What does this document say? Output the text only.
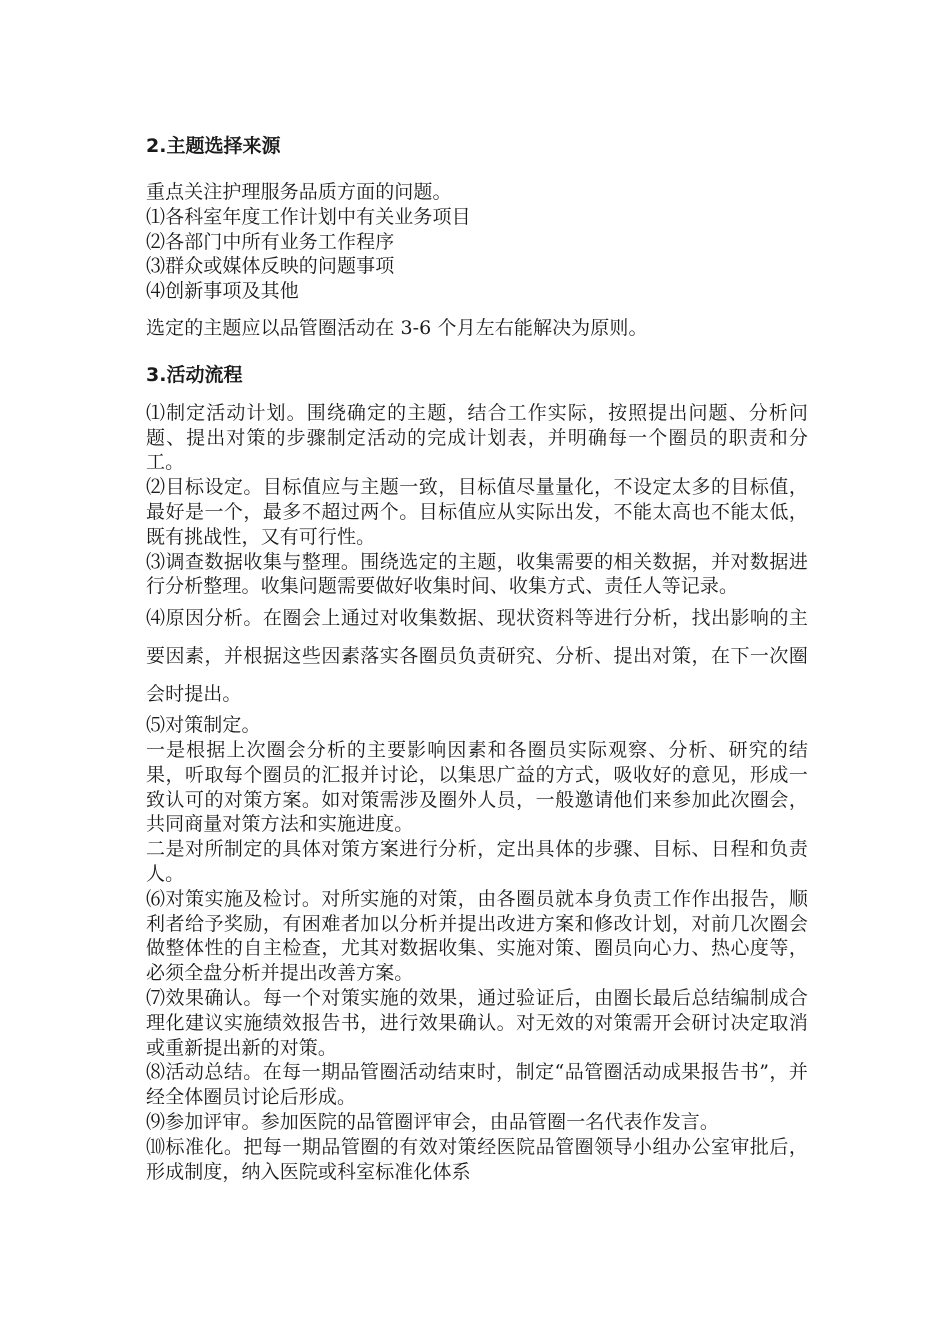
2.主题选择来源

重点关注护理服务品质方面的问题。

⑴各科室年度工作计划中有关业务项目

⑵各部门中所有业务工作程序

⑶群众或媒体反映的问题事项

⑷创新事项及其他

选定的主题应以品管圈活动在 3-6 个月左右能解决为原则。

3.活动流程

⑴制定活动计划。围绕确定的主题，结合工作实际，按照提出问题、分析问题、提出对策的步骤制定活动的完成计划表，并明确每一个圈员的职责和分工。

⑵目标设定。目标值应与主题一致，目标值尽量量化，不设定太多的目标值，最好是一个，最多不超过两个。目标值应从实际出发，不能太高也不能太低，既有挑战性，又有可行性。

⑶调查数据收集与整理。围绕选定的主题，收集需要的相关数据，并对数据进行分析整理。收集问题需要做好收集时间、收集方式、责任人等记录。

⑷原因分析。在圈会上通过对收集数据、现状资料等进行分析，找出影响的主要因素，并根据这些因素落实各圈员负责研究、分析、提出对策，在下一次圈会时提出。

⑸对策制定。

一是根据上次圈会分析的主要影响因素和各圈员实际观察、分析、研究的结果，听取每个圈员的汇报并讨论，以集思广益的方式，吸收好的意见，形成一致认可的对策方案。如对策需涉及圈外人员，一般邀请他们来参加此次圈会，共同商量对策方法和实施进度。

二是对所制定的具体对策方案进行分析，定出具体的步骤、目标、日程和负责人。

⑹对策实施及检讨。对所实施的对策，由各圈员就本身负责工作作出报告，顺利者给予奖励，有困难者加以分析并提出改进方案和修改计划，对前几次圈会做整体性的自主检查，尤其对数据收集、实施对策、圈员向心力、热心度等，必须全盘分析并提出改善方案。

⑺效果确认。每一个对策实施的效果，通过验证后，由圈长最后总结编制成合理化建议实施绩效报告书，进行效果确认。对无效的对策需开会研讨决定取消或重新提出新的对策。

⑻活动总结。在每一期品管圈活动结束时，制定“品管圈活动成果报告书”，并经全体圈员讨论后形成。

⑼参加评审。参加医院的品管圈评审会，由品管圈一名代表作发言。

⑽标准化。把每一期品管圈的有效对策经医院品管圈领导小组办公室审批后，形成制度，纳入医院或科室标准化体系
